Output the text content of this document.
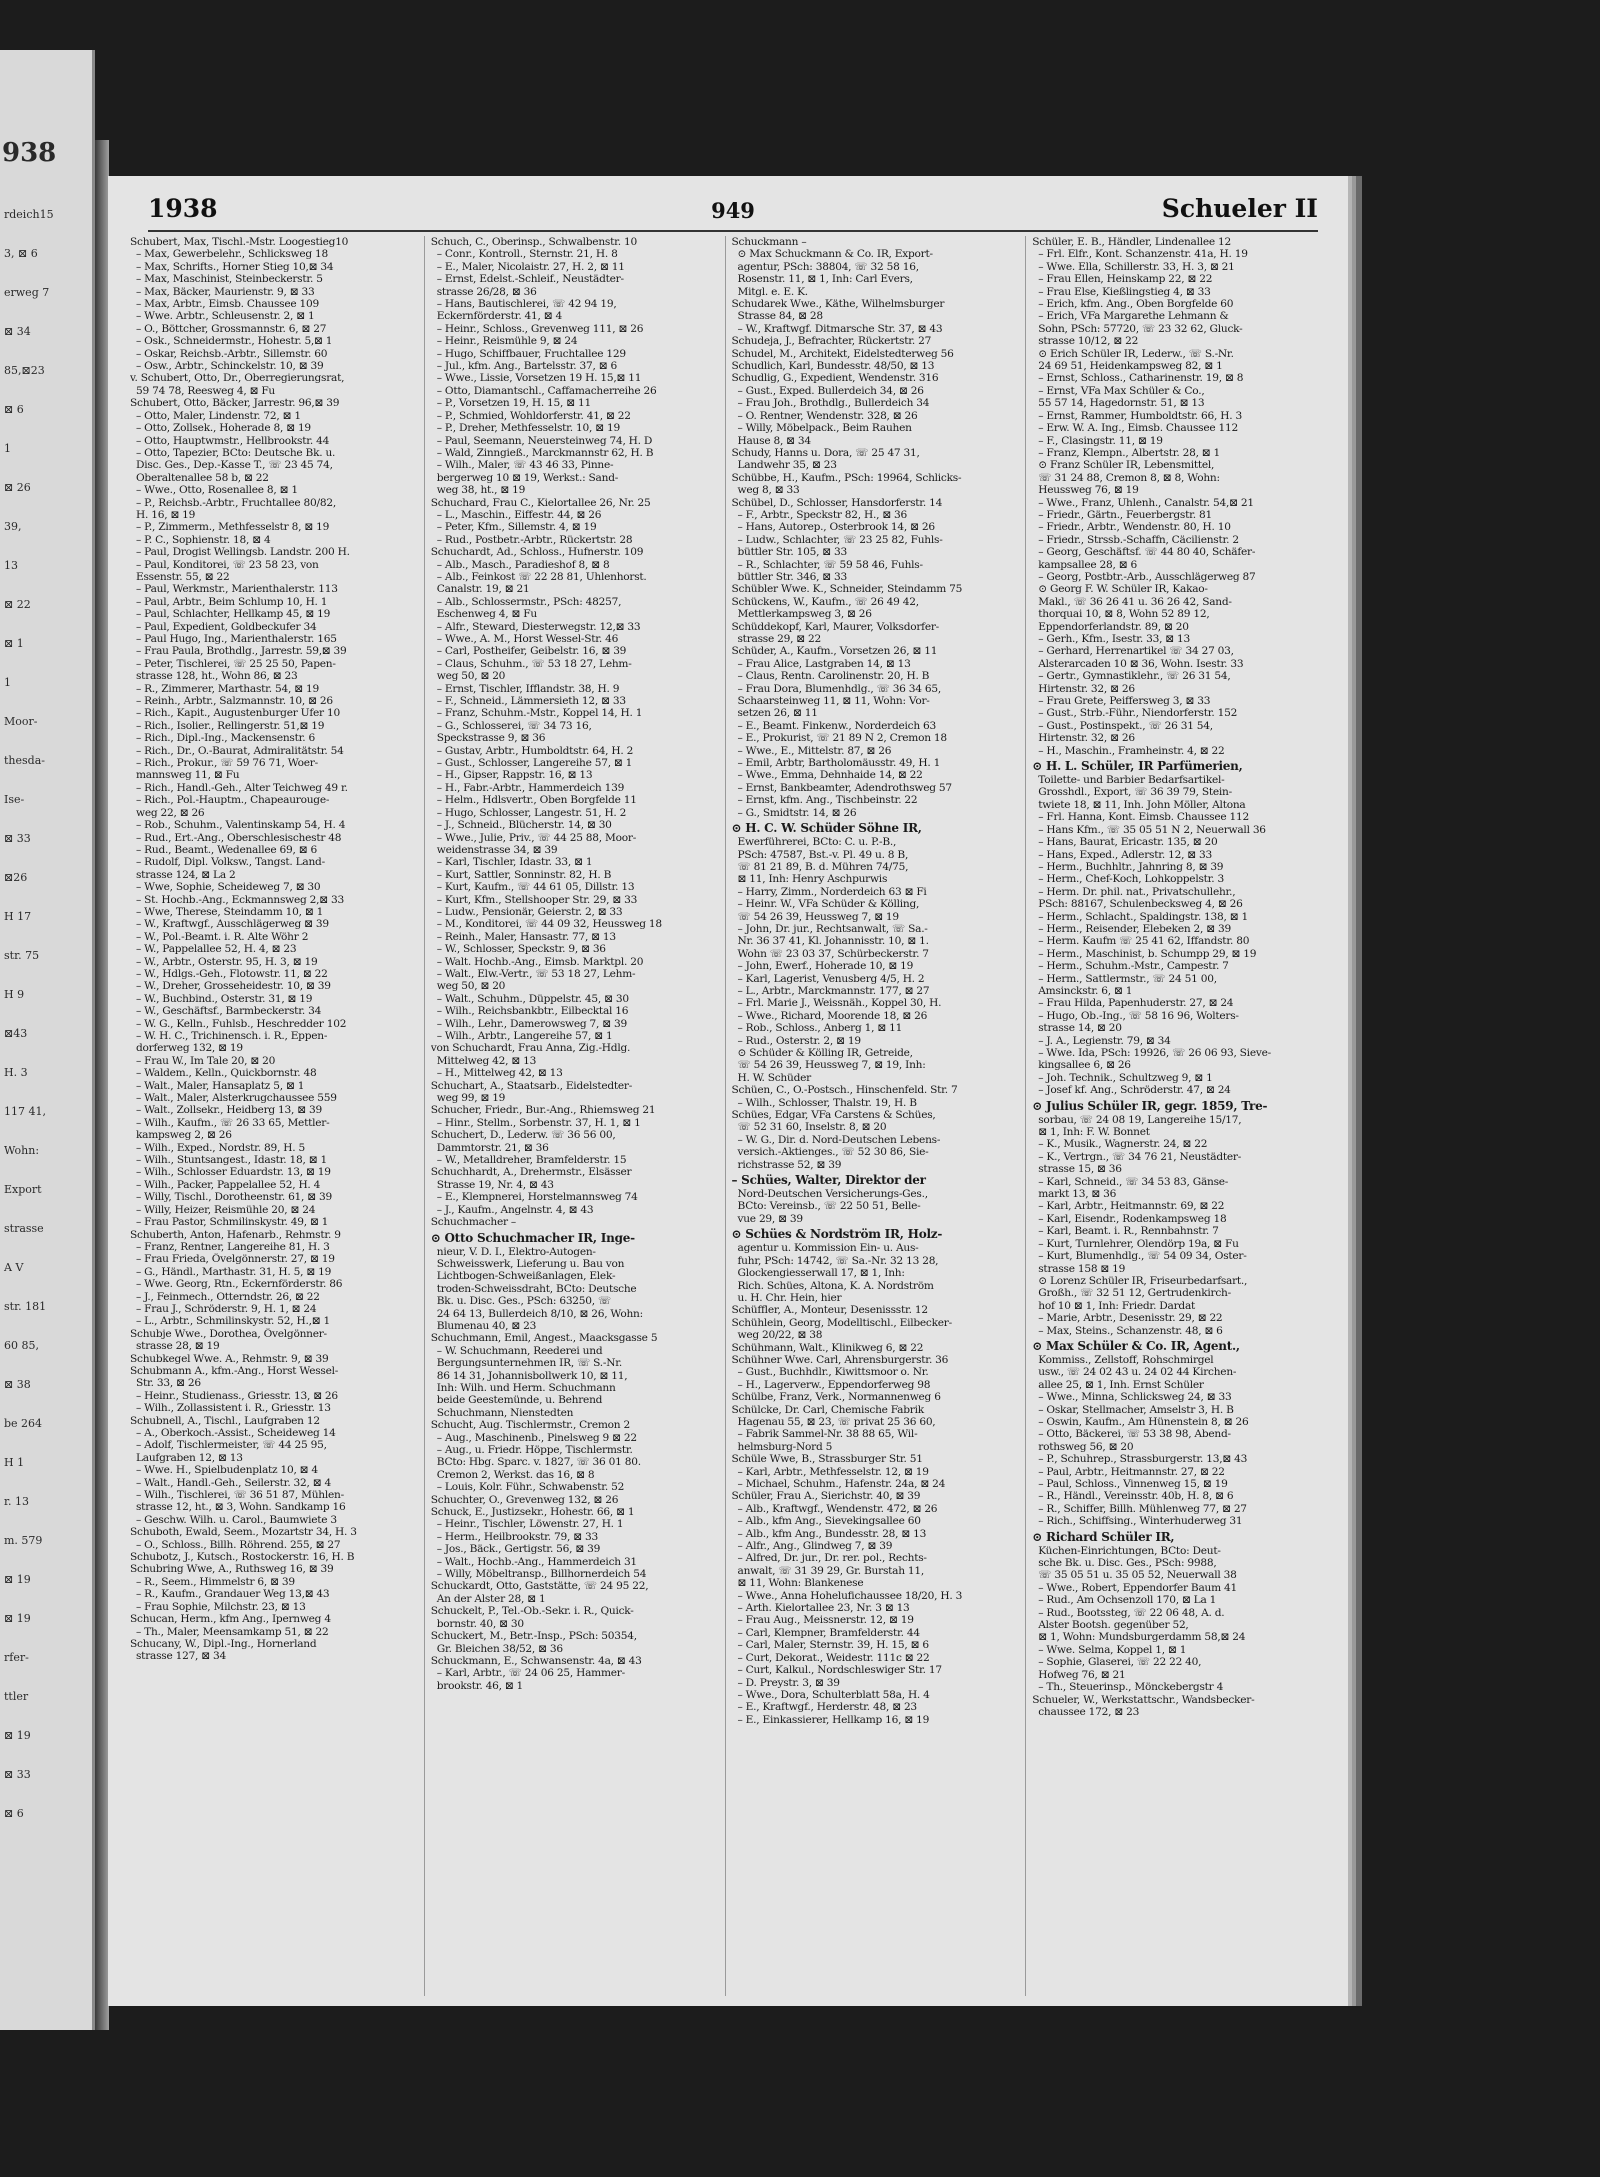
938
rdeich15
3, ⊠ 6
erweg 7
⊠ 34
85,⊠23
⊠ 6
1
⊠ 26
39,
13
⊠ 22
⊠ 1
1
Moor-
thesda-
Ise-
⊠ 33
⊠26
H 17
str. 75
H 9
⊠43
H. 3
117 41,
Wohn:
Export
strasse
A V
str. 181
60 85,
⊠ 38
be 264
H 1
r. 13
m. 579
⊠ 19
⊠ 19
rfer-
ttler
⊠ 19
⊠ 33
⊠ 6
1938	949	Schueler II
Schubert, Max, Tischl.-Mstr. Loogestieg10
– Max, Gewerbelehr., Schlicksweg 18
– Max, Schrifts., Horner Stieg 10,⊠ 34
– Max, Maschinist, Steinbeckerstr. 5
– Max, Bäcker, Maurienstr. 9, ⊠ 33
– Max, Arbtr., Eimsb. Chaussee 109
– Wwe. Arbtr., Schleusenstr. 2, ⊠ 1
– O., Böttcher, Grossmannstr. 6, ⊠ 27
– Osk., Schneidermstr., Hohestr. 5,⊠ 1
– Oskar, Reichsb.-Arbtr., Sillemstr. 60
– Osw., Arbtr., Schinckelstr. 10, ⊠ 39
v. Schubert, Otto, Dr., Oberregierungsrat,
59 74 78, Reesweg 4, ⊠ Fu
Schubert, Otto, Bäcker, Jarrestr. 96,⊠ 39
– Otto, Maler, Lindenstr. 72, ⊠ 1
– Otto, Zollsek., Hoherade 8, ⊠ 19
– Otto, Hauptwmstr., Hellbrookstr. 44
– Otto, Tapezier, BCto: Deutsche Bk. u.
Disc. Ges., Dep.-Kasse T., ☏ 23 45 74,
Oberaltenallee 58 b, ⊠ 22
– Wwe., Otto, Rosenallee 8, ⊠ 1
– P., Reichsb.-Arbtr., Fruchtallee 80/82,
H. 16, ⊠ 19
– P., Zimmerm., Methfesselstr 8, ⊠ 19
– P. C., Sophienstr. 18, ⊠ 4
– Paul, Drogist Wellingsb. Landstr. 200 H.
– Paul, Konditorei, ☏ 23 58 23, von
Essenstr. 55, ⊠ 22
– Paul, Werkmstr., Marienthalerstr. 113
– Paul, Arbtr., Beim Schlump 10, H. 1
– Paul, Schlachter, Hellkamp 45, ⊠ 19
– Paul, Expedient, Goldbeckufer 34
– Paul Hugo, Ing., Marienthalerstr. 165
– Frau Paula, Brothdlg., Jarrestr. 59,⊠ 39
– Peter, Tischlerei, ☏ 25 25 50, Papen-
strasse 128, ht., Wohn 86, ⊠ 23
– R., Zimmerer, Marthastr. 54, ⊠ 19
– Reinh., Arbtr., Salzmannstr. 10, ⊠ 26
– Rich., Kapit., Augustenburger Ufer 10
– Rich., Isolier., Rellingerstr. 51,⊠ 19
– Rich., Dipl.-Ing., Mackensenstr. 6
– Rich., Dr., O.-Baurat, Admiralitätstr. 54
– Rich., Prokur., ☏ 59 76 71, Woer-
mannsweg 11, ⊠ Fu
– Rich., Handl.-Geh., Alter Teichweg 49 r.
– Rich., Pol.-Hauptm., Chapeaurouge-
weg 22, ⊠ 26
– Rob., Schuhm., Valentinskamp 54, H. 4
– Rud., Ert.-Ang., Oberschlesischestr 48
– Rud., Beamt., Wedenallee 69, ⊠ 6
– Rudolf, Dipl. Volksw., Tangst. Land-
strasse 124, ⊠ La 2
– Wwe, Sophie, Scheideweg 7, ⊠ 30
– St. Hochb.-Ang., Eckmannsweg 2,⊠ 33
– Wwe, Therese, Steindamm 10, ⊠ 1
– W., Kraftwgf., Ausschlägerweg ⊠ 39
– W., Pol.-Beamt. i. R. Alte Wöhr 2
– W., Pappelallee 52, H. 4, ⊠ 23
– W., Arbtr., Osterstr. 95, H. 3, ⊠ 19
– W., Hdlgs.-Geh., Flotowstr. 11, ⊠ 22
– W., Dreher, Grosseheidestr. 10, ⊠ 39
– W., Buchbind., Osterstr. 31, ⊠ 19
– W., Geschäftsf., Barmbeckerstr. 34
– W. G., Kelln., Fuhlsb., Heschredder 102
– W. H. C., Trichinensch. i. R., Eppen-
dorferweg 132, ⊠ 19
– Frau W., Im Tale 20, ⊠ 20
– Waldem., Kelln., Quickbornstr. 48
– Walt., Maler, Hansaplatz 5, ⊠ 1
– Walt., Maler, Alsterkrugchaussee 559
– Walt., Zollsekr., Heidberg 13, ⊠ 39
– Wilh., Kaufm., ☏ 26 33 65, Mettler-
kampsweg 2, ⊠ 26
– Wilh., Exped., Nordstr. 89, H. 5
– Wilh., Stuntsangest., Idastr. 18, ⊠ 1
– Wilh., Schlosser Eduardstr. 13, ⊠ 19
– Wilh., Packer, Pappelallee 52, H. 4
– Willy, Tischl., Dorotheenstr. 61, ⊠ 39
– Willy, Heizer, Reismühle 20, ⊠ 24
– Frau Pastor, Schmilinskystr. 49, ⊠ 1
Schuberth, Anton, Hafenarb., Rehmstr. 9
– Franz, Rentner, Langereihe 81, H. 3
– Frau Frieda, Övelgönnerstr. 27, ⊠ 19
– G., Händl., Marthastr. 31, H. 5, ⊠ 19
– Wwe. Georg, Rtn., Eckernförderstr. 86
– J., Feinmech., Otterndstr. 26, ⊠ 22
– Frau J., Schröderstr. 9, H. 1, ⊠ 24
– L., Arbtr., Schmilinskystr. 52, H.,⊠ 1
Schubje Wwe., Dorothea, Övelgönner-
strasse 28, ⊠ 19
Schubkegel Wwe. A., Rehmstr. 9, ⊠ 39
Schubmann A., kfm.-Ang., Horst Wessel-
Str. 33, ⊠ 26
– Heinr., Studienass., Griesstr. 13, ⊠ 26
– Wilh., Zollassistent i. R., Griesstr. 13
Schubnell, A., Tischl., Laufgraben 12
– A., Oberkoch.-Assist., Scheideweg 14
– Adolf, Tischlermeister, ☏ 44 25 95,
Laufgraben 12, ⊠ 13
– Wwe. H., Spielbudenplatz 10, ⊠ 4
– Walt., Handl.-Geh., Seilerstr. 32, ⊠ 4
– Wilh., Tischlerei, ☏ 36 51 87, Mühlen-
strasse 12, ht., ⊠ 3, Wohn. Sandkamp 16
– Geschw. Wilh. u. Carol., Baumwiete 3
Schuboth, Ewald, Seem., Mozartstr 34, H. 3
– O., Schloss., Billh. Röhrend. 255, ⊠ 27
Schubotz, J., Kutsch., Rostockerstr. 16, H. B
Schubring Wwe, A., Ruthsweg 16, ⊠ 39
– R., Seem., Himmelstr 6, ⊠ 39
– R., Kaufm., Grandauer Weg 13,⊠ 43
– Frau Sophie, Milchstr. 23, ⊠ 13
Schucan, Herm., kfm Ang., Ipernweg 4
– Th., Maler, Meensamkamp 51, ⊠ 22
Schucany, W., Dipl.-Ing., Hornerland
strasse 127, ⊠ 34
Schuch, C., Oberinsp., Schwalbenstr. 10
– Conr., Kontroll., Sternstr. 21, H. 8
– E., Maler, Nicolaistr. 27, H. 2, ⊠ 11
– Ernst, Edelst.-Schleif., Neustädter-
strasse 26/28, ⊠ 36
– Hans, Bautischlerei, ☏ 42 94 19,
Eckernförderstr. 41, ⊠ 4
– Heinr., Schloss., Grevenweg 111, ⊠ 26
– Heinr., Reismühle 9, ⊠ 24
– Hugo, Schiffbauer, Fruchtallee 129
– Jul., kfm. Ang., Bartelsstr. 37, ⊠ 6
– Wwe., Lissie, Vorsetzen 19 H. 15,⊠ 11
– Otto, Diamantschl., Caffamacherreihe 26
– P., Vorsetzen 19, H. 15, ⊠ 11
– P., Schmied, Wohldorferstr. 41, ⊠ 22
– P., Dreher, Methfesselstr. 10, ⊠ 19
– Paul, Seemann, Neuersteinweg 74, H. D
– Wald, Zinngieß., Marckmannstr 62, H. B
– Wilh., Maler, ☏ 43 46 33, Pinne-
bergerweg 10 ⊠ 19, Werkst.: Sand-
weg 38, ht., ⊠ 19
Schuchard, Frau C., Kielortallee 26, Nr. 25
– L., Maschin., Eiffestr. 44, ⊠ 26
– Peter, Kfm., Sillemstr. 4, ⊠ 19
– Rud., Postbetr.-Arbtr., Rückertstr. 28
Schuchardt, Ad., Schloss., Hufnerstr. 109
– Alb., Masch., Paradieshof 8, ⊠ 8
– Alb., Feinkost ☏ 22 28 81, Uhlenhorst.
Canalstr. 19, ⊠ 21
– Alb., Schlossermstr., PSch: 48257,
Eschenweg 4, ⊠ Fu
– Alfr., Steward, Diesterwegstr. 12,⊠ 33
– Wwe., A. M., Horst Wessel-Str. 46
– Carl, Postheifer, Geibelstr. 16, ⊠ 39
– Claus, Schuhm., ☏ 53 18 27, Lehm-
weg 50, ⊠ 20
– Ernst, Tischler, Ifflandstr. 38, H. 9
– F., Schneid., Lämmersieth 12, ⊠ 33
– Franz, Schuhm.-Mstr., Koppel 14, H. 1
– G., Schlosserei, ☏ 34 73 16,
Speckstrasse 9, ⊠ 36
– Gustav, Arbtr., Humboldtstr. 64, H. 2
– Gust., Schlosser, Langereihe 57, ⊠ 1
– H., Gipser, Rappstr. 16, ⊠ 13
– H., Fabr.-Arbtr., Hammerdeich 139
– Helm., Hdlsvertr., Oben Borgfelde 11
– Hugo, Schlosser, Langestr. 51, H. 2
– J., Schneid., Blücherstr. 14, ⊠ 30
– Wwe., Julie, Priv., ☏ 44 25 88, Moor-
weidenstrasse 34, ⊠ 39
– Karl, Tischler, Idastr. 33, ⊠ 1
– Kurt, Sattler, Sonninstr. 82, H. B
– Kurt, Kaufm., ☏ 44 61 05, Dillstr. 13
– Kurt, Kfm., Stellshooper Str. 29, ⊠ 33
– Ludw., Pensionär, Geierstr. 2, ⊠ 33
– M., Konditorei, ☏ 44 09 32, Heussweg 18
– Reinh., Maler, Hansastr. 77, ⊠ 13
– W., Schlosser, Speckstr. 9, ⊠ 36
– Walt. Hochb.-Ang., Eimsb. Marktpl. 20
– Walt., Elw.-Vertr., ☏ 53 18 27, Lehm-
weg 50, ⊠ 20
– Walt., Schuhm., Düppelstr. 45, ⊠ 30
– Wilh., Reichsbankbtr., Eilbecktal 16
– Wilh., Lehr., Damerowsweg 7, ⊠ 39
– Wilh., Arbtr., Langereihe 57, ⊠ 1
von Schuchardt, Frau Anna, Zig.-Hdlg.
Mittelweg 42, ⊠ 13
– H., Mittelweg 42, ⊠ 13
Schuchart, A., Staatsarb., Eidelstedter-
weg 99, ⊠ 19
Schucher, Friedr., Bur.-Ang., Rhiemsweg 21
– Hinr., Stellm., Sorbenstr. 37, H. 1, ⊠ 1
Schuchert, D., Lederw. ☏ 36 56 00,
Dammtorstr. 21, ⊠ 36
– W., Metalldreher, Bramfelderstr. 15
Schuchhardt, A., Drehermstr., Elsässer
Strasse 19, Nr. 4, ⊠ 43
– E., Klempnerei, Horstelmannsweg 74
– J., Kaufm., Angelnstr. 4, ⊠ 43
Schuchmacher –
⊙ Otto Schuchmacher IR, Inge-
nieur, V. D. I., Elektro-Autogen-
Schweisswerk, Lieferung u. Bau von
Lichtbogen-Schweißanlagen, Elek-
troden-Schweissdraht, BCto: Deutsche
Bk. u. Disc. Ges., PSch: 63250, ☏
24 64 13, Bullerdeich 8/10, ⊠ 26, Wohn:
Blumenau 40, ⊠ 23
Schuchmann, Emil, Angest., Maacksgasse 5
– W. Schuchmann, Reederei und
Bergungsunternehmen IR, ☏ S.-Nr.
86 14 31, Johannisbollwerk 10, ⊠ 11,
Inh: Wilh. und Herm. Schuchmann
beide Geestemünde, u. Behrend
Schuchmann, Nienstedten
Schucht, Aug. Tischlermstr., Cremon 2
– Aug., Maschinenb., Pinelsweg 9 ⊠ 22
– Aug., u. Friedr. Höppe, Tischlermstr.
BCto: Hbg. Sparc. v. 1827, ☏ 36 01 80.
Cremon 2, Werkst. das 16, ⊠ 8
– Louis, Kolr. Führ., Schwabenstr. 52
Schuchter, O., Grevenweg 132, ⊠ 26
Schuck, E., Justizsekr., Hohestr. 66, ⊠ 1
– Heinr., Tischler, Löwenstr. 27, H. 1
– Herm., Heilbrookstr. 79, ⊠ 33
– Jos., Bäck., Gertigstr. 56, ⊠ 39
– Walt., Hochb.-Ang., Hammerdeich 31
– Willy, Möbeltransp., Billhornerdeich 54
Schuckardt, Otto, Gaststätte, ☏ 24 95 22,
An der Alster 28, ⊠ 1
Schuckelt, P., Tel.-Ob.-Sekr. i. R., Quick-
bornstr. 40, ⊠ 30
Schuckert, M., Betr.-Insp., PSch: 50354,
Gr. Bleichen 38/52, ⊠ 36
Schuckmann, E., Schwansenstr. 4a, ⊠ 43
– Karl, Arbtr., ☏ 24 06 25, Hammer-
brookstr. 46, ⊠ 1
Schuckmann –
⊙ Max Schuckmann & Co. IR, Export-
agentur, PSch: 38804, ☏ 32 58 16,
Rosenstr. 11, ⊠ 1, Inh: Carl Evers,
Mitgl. e. E. K.
Schudarek Wwe., Käthe, Wilhelmsburger
Strasse 84, ⊠ 28
– W., Kraftwgf. Ditmarsche Str. 37, ⊠ 43
Schudeja, J., Befrachter, Rückertstr. 27
Schudel, M., Architekt, Eidelstedterweg 56
Schudlich, Karl, Bundesstr. 48/50, ⊠ 13
Schudlig, G., Expedient, Wendenstr. 316
– Gust., Exped. Bullerdeich 34, ⊠ 26
– Frau Joh., Brothdlg., Bullerdeich 34
– O. Rentner, Wendenstr. 328, ⊠ 26
– Willy, Möbelpack., Beim Rauhen
Hause 8, ⊠ 34
Schudy, Hanns u. Dora, ☏ 25 47 31,
Landwehr 35, ⊠ 23
Schübbe, H., Kaufm., PSch: 19964, Schlicks-
weg 8, ⊠ 33
Schübel, D., Schlosser, Hansdorferstr. 14
– F., Arbtr., Speckstr 82, H., ⊠ 36
– Hans, Autorep., Osterbrook 14, ⊠ 26
– Ludw., Schlachter, ☏ 23 25 82, Fuhls-
büttler Str. 105, ⊠ 33
– R., Schlachter, ☏ 59 58 46, Fuhls-
büttler Str. 346, ⊠ 33
Schübler Wwe. K., Schneider, Steindamm 75
Schückens, W., Kaufm., ☏ 26 49 42,
Mettlerkampsweg 3, ⊠ 26
Schüddekopf, Karl, Maurer, Volksdorfer-
strasse 29, ⊠ 22
Schüder, A., Kaufm., Vorsetzen 26, ⊠ 11
– Frau Alice, Lastgraben 14, ⊠ 13
– Claus, Rentn. Carolinenstr. 20, H. B
– Frau Dora, Blumenhdlg., ☏ 36 34 65,
Schaarsteinweg 11, ⊠ 11, Wohn: Vor-
setzen 26, ⊠ 11
– E., Beamt. Finkenw., Norderdeich 63
– E., Prokurist, ☏ 21 89 N 2, Cremon 18
– Wwe., E., Mittelstr. 87, ⊠ 26
– Emil, Arbtr, Bartholomäusstr. 49, H. 1
– Wwe., Emma, Dehnhaide 14, ⊠ 22
– Ernst, Bankbeamter, Adendrothsweg 57
– Ernst, kfm. Ang., Tischbeinstr. 22
– G., Smidtstr. 14, ⊠ 26
⊙ H. C. W. Schüder Söhne IR,
Ewerführerei, BCto: C. u. P.-B.,
PSch: 47587, Bst.-v. Pl. 49 u. 8 B,
☏ 81 21 89, B. d. Mühren 74/75,
⊠ 11, Inh: Henry Aschpurwis
– Harry, Zimm., Norderdeich 63 ⊠ Fi
– Heinr. W., VFa Schüder & Kölling,
☏ 54 26 39, Heussweg 7, ⊠ 19
– John, Dr. jur., Rechtsanwalt, ☏ Sa.-
Nr. 36 37 41, Kl. Johannisstr. 10, ⊠ 1.
Wohn ☏ 23 03 37, Schürbeckerstr. 7
– John, Ewerf., Hoherade 10, ⊠ 19
– Karl, Lagerist, Venusberg 4/5, H. 2
– L., Arbtr., Marckmannstr. 177, ⊠ 27
– Frl. Marie J., Weissnäh., Koppel 30, H.
– Wwe., Richard, Moorende 18, ⊠ 26
– Rob., Schloss., Anberg 1, ⊠ 11
– Rud., Osterstr. 2, ⊠ 19
⊙ Schüder & Kölling IR, Getreide,
☏ 54 26 39, Heussweg 7, ⊠ 19, Inh:
H. W. Schüder
Schüen, C., O.-Postsch., Hinschenfeld. Str. 7
– Wilh., Schlosser, Thalstr. 19, H. B
Schües, Edgar, VFa Carstens & Schües,
☏ 52 31 60, Inselstr. 8, ⊠ 20
– W. G., Dir. d. Nord-Deutschen Lebens-
versich.-Aktienges., ☏ 52 30 86, Sie-
richstrasse 52, ⊠ 39
– Schües, Walter, Direktor der
Nord-Deutschen Versicherungs-Ges.,
BCto: Vereinsb., ☏ 22 50 51, Belle-
vue 29, ⊠ 39
⊙ Schües & Nordström IR, Holz-
agentur u. Kommission Ein- u. Aus-
fuhr, PSch: 14742, ☏ Sa.-Nr. 32 13 28,
Glockengiesserwall 17, ⊠ 1, Inh:
Rich. Schües, Altona, K. A. Nordström
u. H. Chr. Hein, hier
Schüffler, A., Monteur, Desenissstr. 12
Schühlein, Georg, Modelltischl., Eilbecker-
weg 20/22, ⊠ 38
Schühmann, Walt., Klinikweg 6, ⊠ 22
Schühner Wwe. Carl, Ahrensburgerstr. 36
– Gust., Buchhdlr., Kiwittsmoor o. Nr.
– H., Lagerverw., Eppendorferweg 98
Schülbe, Franz, Verk., Normannenweg 6
Schülcke, Dr. Carl, Chemische Fabrik
Hagenau 55, ⊠ 23, ☏ privat 25 36 60,
– Fabrik Sammel-Nr. 38 88 65, Wil-
helmsburg-Nord 5
Schüle Wwe, B., Strassburger Str. 51
– Karl, Arbtr., Methfesselstr. 12, ⊠ 19
– Michael, Schuhm., Hafenstr. 24a, ⊠ 24
Schüler, Frau A., Sierichstr. 40, ⊠ 39
– Alb., Kraftwgf., Wendenstr. 472, ⊠ 26
– Alb., kfm Ang., Sievekingsallee 60
– Alb., kfm Ang., Bundesstr. 28, ⊠ 13
– Alfr., Ang., Glindweg 7, ⊠ 39
– Alfred, Dr. jur., Dr. rer. pol., Rechts-
anwalt, ☏ 31 39 29, Gr. Burstah 11,
⊠ 11, Wohn: Blankenese
– Wwe., Anna Hohelufichaussee 18/20, H. 3
– Arth. Kielortallee 23, Nr. 3 ⊠ 13
– Frau Aug., Meissnerstr. 12, ⊠ 19
– Carl, Klempner, Bramfelderstr. 44
– Carl, Maler, Sternstr. 39, H. 15, ⊠ 6
– Curt, Dekorat., Weidestr. 111c ⊠ 22
– Curt, Kalkul., Nordschleswiger Str. 17
– D. Preystr. 3, ⊠ 39
– Wwe., Dora, Schulterblatt 58a, H. 4
– E., Kraftwgf., Herderstr. 48, ⊠ 23
– E., Einkassierer, Hellkamp 16, ⊠ 19
Schüler, E. B., Händler, Lindenallee 12
– Frl. Elfr., Kont. Schanzenstr. 41a, H. 19
– Wwe. Ella, Schillerstr. 33, H. 3, ⊠ 21
– Frau Ellen, Heinskamp 22, ⊠ 22
– Frau Else, Kießlingstieg 4, ⊠ 33
– Erich, kfm. Ang., Oben Borgfelde 60
– Erich, VFa Margarethe Lehmann &
Sohn, PSch: 57720, ☏ 23 32 62, Gluck-
strasse 10/12, ⊠ 22
⊙ Erich Schüler IR, Lederw., ☏ S.-Nr.
24 69 51, Heidenkampsweg 82, ⊠ 1
– Ernst, Schloss., Catharinenstr. 19, ⊠ 8
– Ernst, VFa Max Schüler & Co.,
55 57 14, Hagedornstr. 51, ⊠ 13
– Ernst, Rammer, Humboldtstr. 66, H. 3
– Erw. W. A. Ing., Eimsb. Chaussee 112
– F., Clasingstr. 11, ⊠ 19
– Franz, Klempn., Albertstr. 28, ⊠ 1
⊙ Franz Schüler IR, Lebensmittel,
☏ 31 24 88, Cremon 8, ⊠ 8, Wohn:
Heussweg 76, ⊠ 19
– Wwe., Franz, Uhlenh., Canalstr. 54,⊠ 21
– Friedr., Gärtn., Feuerbergstr. 81
– Friedr., Arbtr., Wendenstr. 80, H. 10
– Friedr., Strssb.-Schaffn, Cäcilienstr. 2
– Georg, Geschäftsf. ☏ 44 80 40, Schäfer-
kampsallee 28, ⊠ 6
– Georg, Postbtr.-Arb., Ausschlägerweg 87
⊙ Georg F. W. Schüler IR, Kakao-
Makl., ☏ 36 26 41 u. 36 26 42, Sand-
thorquai 10, ⊠ 8, Wohn 52 89 12,
Eppendorferlandstr. 89, ⊠ 20
– Gerh., Kfm., Isestr. 33, ⊠ 13
– Gerhard, Herrenartikel ☏ 34 27 03,
Alsterarcaden 10 ⊠ 36, Wohn. Isestr. 33
– Gertr., Gymnastiklehr., ☏ 26 31 54,
Hirtenstr. 32, ⊠ 26
– Frau Grete, Peiffersweg 3, ⊠ 33
– Gust., Strb.-Führ., Niendorferstr. 152
– Gust., Postinspekt., ☏ 26 31 54,
Hirtenstr. 32, ⊠ 26
– H., Maschin., Framheinstr. 4, ⊠ 22
⊙ H. L. Schüler, IR Parfümerien,
Toilette- und Barbier Bedarfsartikel-
Grosshdl., Export, ☏ 36 39 79, Stein-
twiete 18, ⊠ 11, Inh. John Möller, Altona
– Frl. Hanna, Kont. Eimsb. Chaussee 112
– Hans Kfm., ☏ 35 05 51 N 2, Neuerwall 36
– Hans, Baurat, Ericastr. 135, ⊠ 20
– Hans, Exped., Adlerstr. 12, ⊠ 33
– Herm., Buchhltr., Jahnring 8, ⊠ 39
– Herm., Chef-Koch, Lohkoppelstr. 3
– Herm. Dr. phil. nat., Privatschullehr.,
PSch: 88167, Schulenbecksweg 4, ⊠ 26
– Herm., Schlacht., Spaldingstr. 138, ⊠ 1
– Herm., Reisender, Elebeken 2, ⊠ 39
– Herm. Kaufm ☏ 25 41 62, Iffandstr. 80
– Herm., Maschinist, b. Schumpp 29, ⊠ 19
– Herm., Schuhm.-Mstr., Campestr. 7
– Herm., Sattlermstr., ☏ 24 51 00,
Amsinckstr. 6, ⊠ 1
– Frau Hilda, Papenhuderstr. 27, ⊠ 24
– Hugo, Ob.-Ing., ☏ 58 16 96, Wolters-
strasse 14, ⊠ 20
– J. A., Legienstr. 79, ⊠ 34
– Wwe. Ida, PSch: 19926, ☏ 26 06 93, Sieve-
kingsallee 6, ⊠ 26
– Joh. Technik., Schultzweg 9, ⊠ 1
– Josef kf. Ang., Schröderstr. 47, ⊠ 24
⊙ Julius Schüler IR, gegr. 1859, Tre-
sorbau, ☏ 24 08 19, Langereihe 15/17,
⊠ 1, Inh: F. W. Bonnet
– K., Musik., Wagnerstr. 24, ⊠ 22
– K., Vertrgn., ☏ 34 76 21, Neustädter-
strasse 15, ⊠ 36
– Karl, Schneid., ☏ 34 53 83, Gänse-
markt 13, ⊠ 36
– Karl, Arbtr., Heitmannstr. 69, ⊠ 22
– Karl, Eisendr., Rodenkampsweg 18
– Karl, Beamt. i. R., Rennbahnstr. 7
– Kurt, Turnlehrer, Olendörp 19a, ⊠ Fu
– Kurt, Blumenhdlg., ☏ 54 09 34, Oster-
strasse 158 ⊠ 19
⊙ Lorenz Schüler IR, Friseurbedarfsart.,
Großh., ☏ 32 51 12, Gertrudenkirch-
hof 10 ⊠ 1, Inh: Friedr. Dardat
– Marie, Arbtr., Desenisstr. 29, ⊠ 22
– Max, Steins., Schanzenstr. 48, ⊠ 6
⊙ Max Schüler & Co. IR, Agent.,
Kommiss., Zellstoff, Rohschmirgel
usw., ☏ 24 02 43 u. 24 02 44 Kirchen-
allee 25, ⊠ 1, Inh. Ernst Schüler
– Wwe., Minna, Schlicksweg 24, ⊠ 33
– Oskar, Stellmacher, Amselstr 3, H. B
– Oswin, Kaufm., Am Hünenstein 8, ⊠ 26
– Otto, Bäckerei, ☏ 53 38 98, Abend-
rothsweg 56, ⊠ 20
– P., Schuhrep., Strassburgerstr. 13,⊠ 43
– Paul, Arbtr., Heitmannstr. 27, ⊠ 22
– Paul, Schloss., Vinnenweg 15, ⊠ 19
– R., Händl., Vereinsstr. 40b, H. 8, ⊠ 6
– R., Schiffer, Billh. Mühlenweg 77, ⊠ 27
– Rich., Schiffsing., Winterhuderweg 31
⊙ Richard Schüler IR,
Küchen-Einrichtungen, BCto: Deut-
sche Bk. u. Disc. Ges., PSch: 9988,
☏ 35 05 51 u. 35 05 52, Neuerwall 38
– Wwe., Robert, Eppendorfer Baum 41
– Rud., Am Ochsenzoll 170, ⊠ La 1
– Rud., Bootssteg, ☏ 22 06 48, A. d.
Alster Bootsh. gegenüber 52,
⊠ 1, Wohn: Mundsburgerdamm 58,⊠ 24
– Wwe. Selma, Koppel 1, ⊠ 1
– Sophie, Glaserei, ☏ 22 22 40,
Hofweg 76, ⊠ 21
– Th., Steuerinsp., Mönckebergstr 4
Schueler, W., Werkstattschr., Wandsbecker-
chaussee 172, ⊠ 23
